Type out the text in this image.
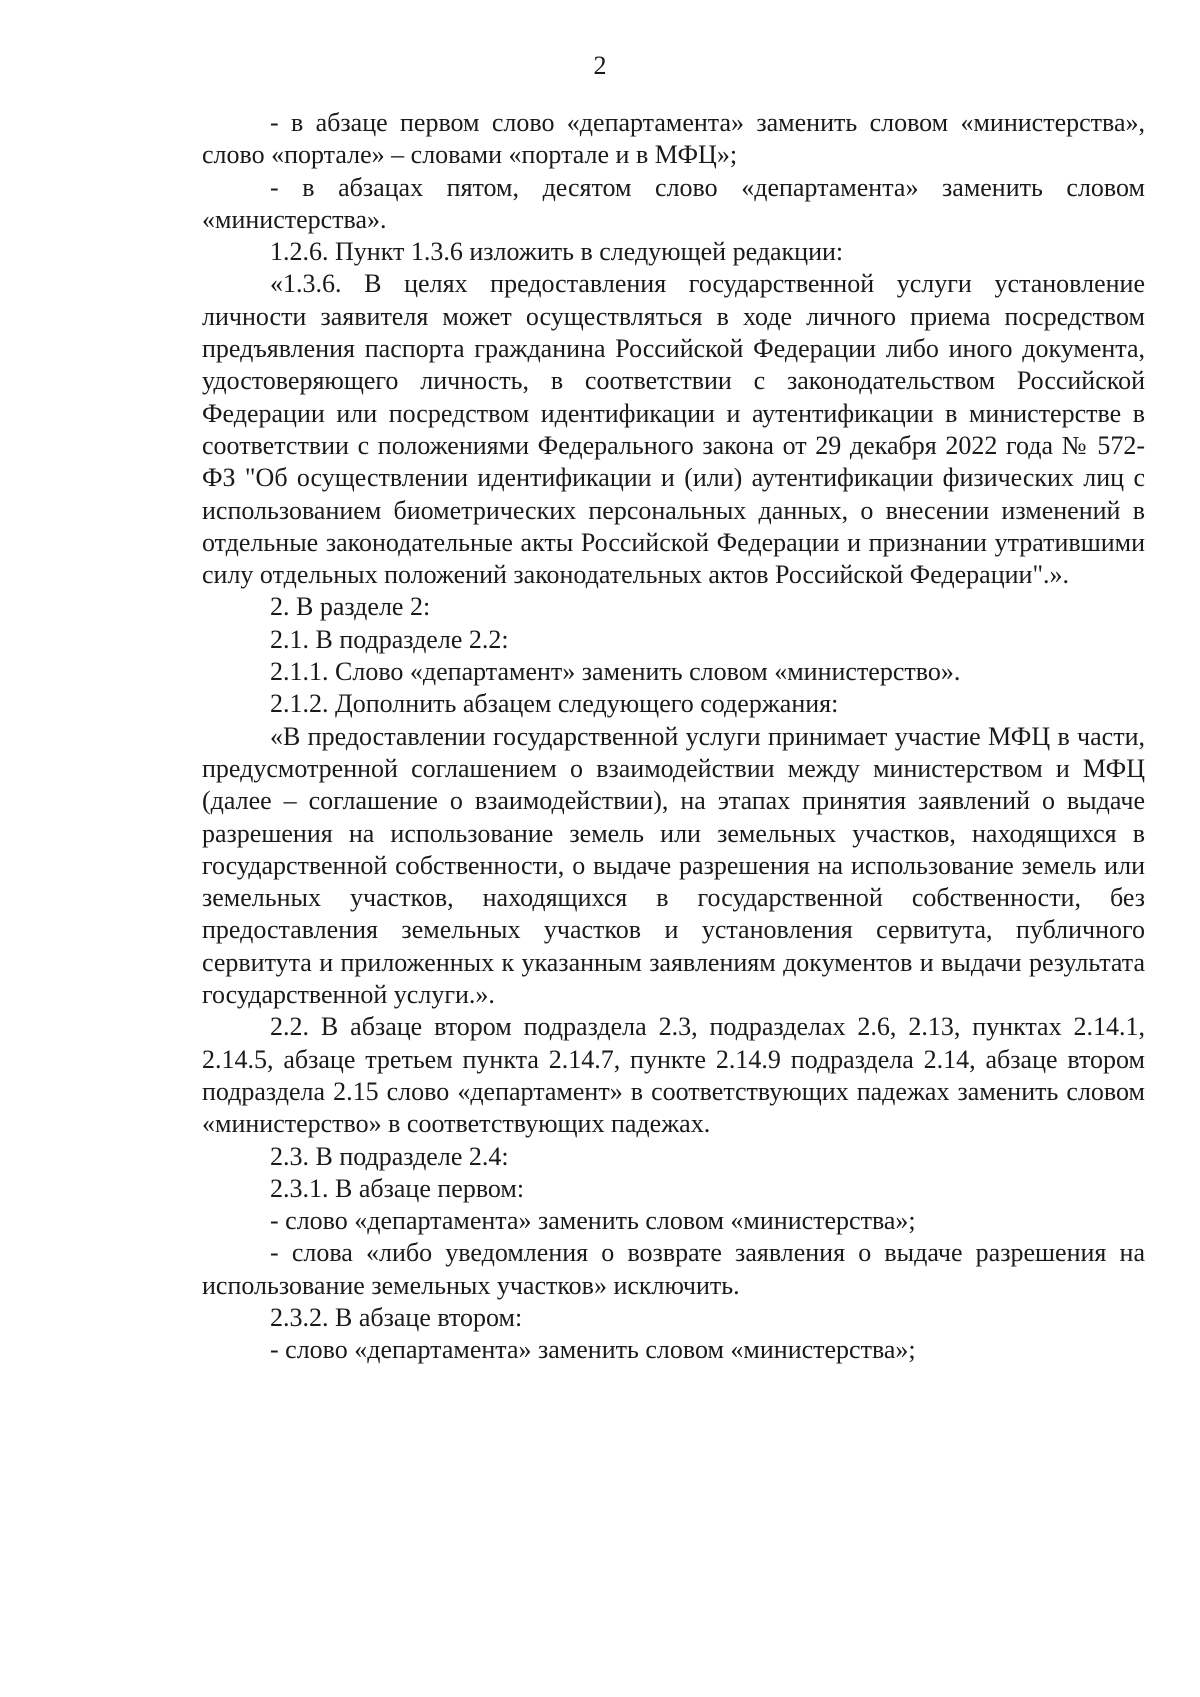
2

- в абзаце первом слово «департамента» заменить словом «министерства», слово «портале» – словами «портале и в МФЦ»;

- в абзацах пятом, десятом слово «департамента» заменить словом «министерства».

1.2.6. Пункт 1.3.6 изложить в следующей редакции:

«1.3.6. В целях предоставления государственной услуги установление личности заявителя может осуществляться в ходе личного приема посредством предъявления паспорта гражданина Российской Федерации либо иного документа, удостоверяющего личность, в соответствии с законодательством Российской Федерации или посредством идентификации и аутентификации в министерстве в соответствии с положениями Федерального закона от 29 декабря 2022 года № 572-ФЗ "Об осуществлении идентификации и (или) аутентификации физических лиц с использованием биометрических персональных данных, о внесении изменений в отдельные законодательные акты Российской Федерации и признании утратившими силу отдельных положений законодательных актов Российской Федерации".».

2. В разделе 2:

2.1. В подразделе 2.2:

2.1.1. Слово «департамент» заменить словом «министерство».

2.1.2. Дополнить абзацем следующего содержания:

«В предоставлении государственной услуги принимает участие МФЦ в части, предусмотренной соглашением о взаимодействии между министерством и МФЦ (далее – соглашение о взаимодействии), на этапах принятия заявлений о выдаче разрешения на использование земель или земельных участков, находящихся в государственной собственности, о выдаче разрешения на использование земель или земельных участков, находящихся в государственной собственности, без предоставления земельных участков и установления сервитута, публичного сервитута и приложенных к указанным заявлениям документов и выдачи результата государственной услуги.».

2.2. В абзаце втором подраздела 2.3, подразделах 2.6, 2.13, пунктах 2.14.1, 2.14.5, абзаце третьем пункта 2.14.7, пункте 2.14.9 подраздела 2.14, абзаце втором подраздела 2.15 слово «департамент» в соответствующих падежах заменить словом «министерство» в соответствующих падежах.

2.3. В подразделе 2.4:

2.3.1. В абзаце первом:

- слово «департамента» заменить словом «министерства»;

- слова «либо уведомления о возврате заявления о выдаче разрешения на использование земельных участков» исключить.

2.3.2. В абзаце втором:

- слово «департамента» заменить словом «министерства»;
